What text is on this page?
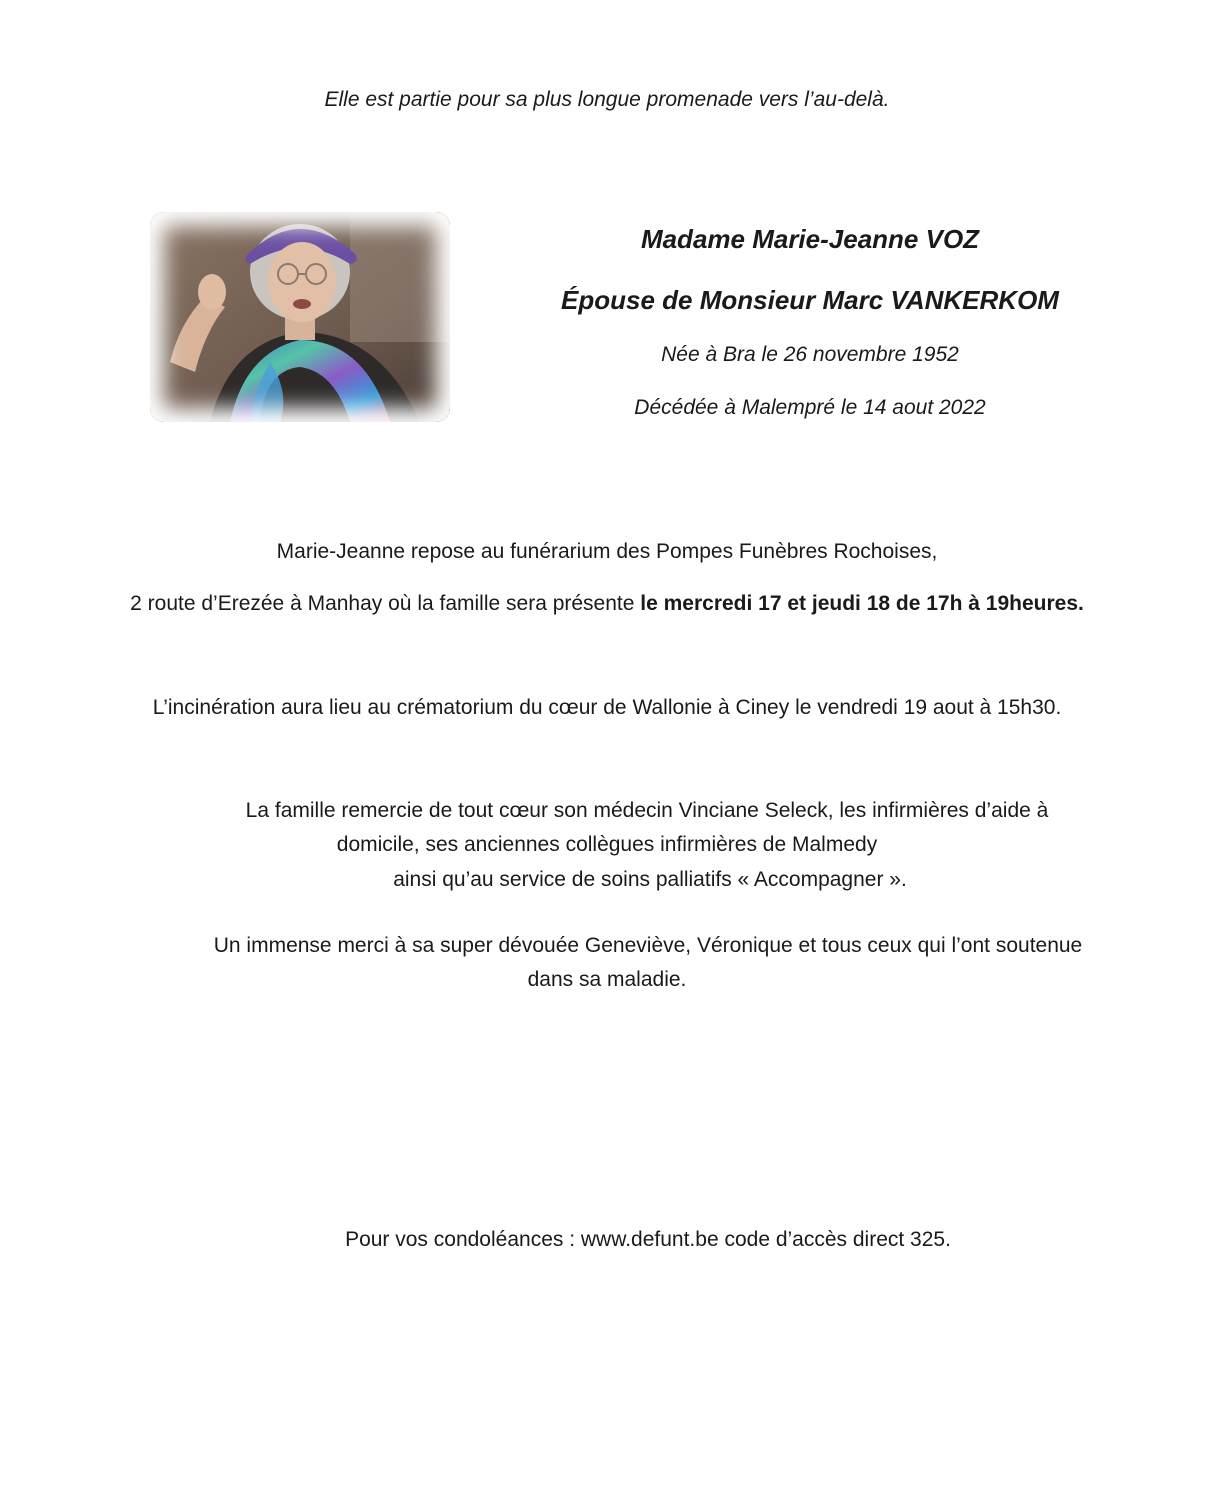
Elle est partie pour sa plus longue promenade vers l’au-delà.
Madame Marie-Jeanne VOZ
Épouse de Monsieur Marc VANKERKOM
Née à Bra le 26 novembre 1952
Décédée à Malempré le 14 aout 2022
Marie-Jeanne repose au funérarium des Pompes Funèbres Rochoises,
2 route d’Erezée à Manhay où la famille sera présente le mercredi 17 et jeudi 18 de 17h à 19heures.
L’incinération aura lieu au crématorium du cœur de Wallonie à Ciney le vendredi 19 aout à 15h30.
La famille remercie de tout cœur son médecin Vinciane Seleck, les infirmières d’aide à
domicile, ses anciennes collègues infirmières de Malmedy
ainsi qu’au service de soins palliatifs « Accompagner ».
Un immense merci à sa super dévouée Geneviève, Véronique et tous ceux qui l’ont soutenue
dans sa maladie.
Pour vos condoléances : www.defunt.be code d’accès direct 325.
